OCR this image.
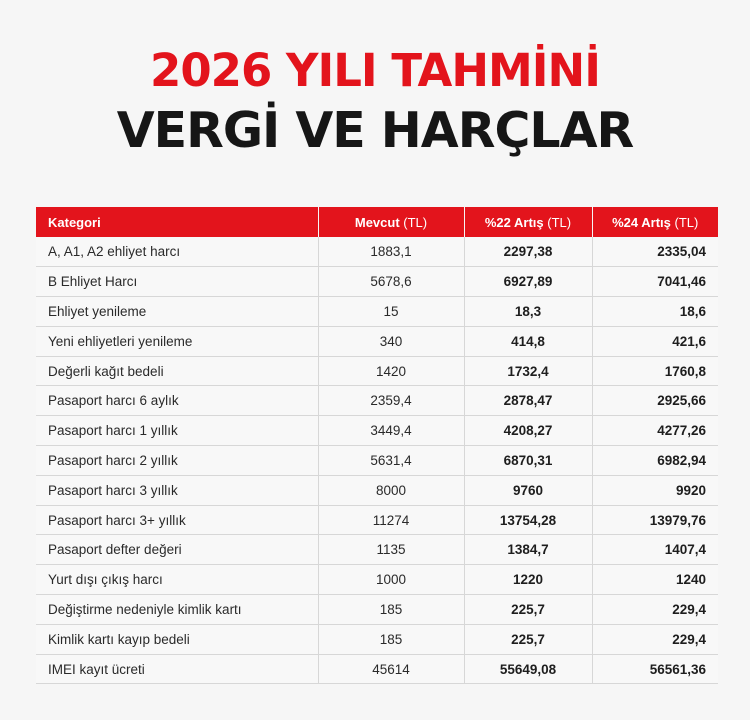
2026 YILI TAHMİNİ
VERGİ VE HARÇLAR
Kategori	Mevcut (TL)	%22 Artış (TL)	%24 Artış (TL)
A, A1, A2 ehliyet harcı	1883,1	2297,38	2335,04
B Ehliyet Harcı	5678,6	6927,89	7041,46
Ehliyet yenileme	15	18,3	18,6
Yeni ehliyetleri yenileme	340	414,8	421,6
Değerli kağıt bedeli	1420	1732,4	1760,8
Pasaport harcı 6 aylık	2359,4	2878,47	2925,66
Pasaport harcı 1 yıllık	3449,4	4208,27	4277,26
Pasaport harcı 2 yıllık	5631,4	6870,31	6982,94
Pasaport harcı 3 yıllık	8000	9760	9920
Pasaport harcı 3+ yıllık	11274	13754,28	13979,76
Pasaport defter değeri	1135	1384,7	1407,4
Yurt dışı çıkış harcı	1000	1220	1240
Değiştirme nedeniyle kimlik kartı	185	225,7	229,4
Kimlik kartı kayıp bedeli	185	225,7	229,4
IMEI kayıt ücreti	45614	55649,08	56561,36
